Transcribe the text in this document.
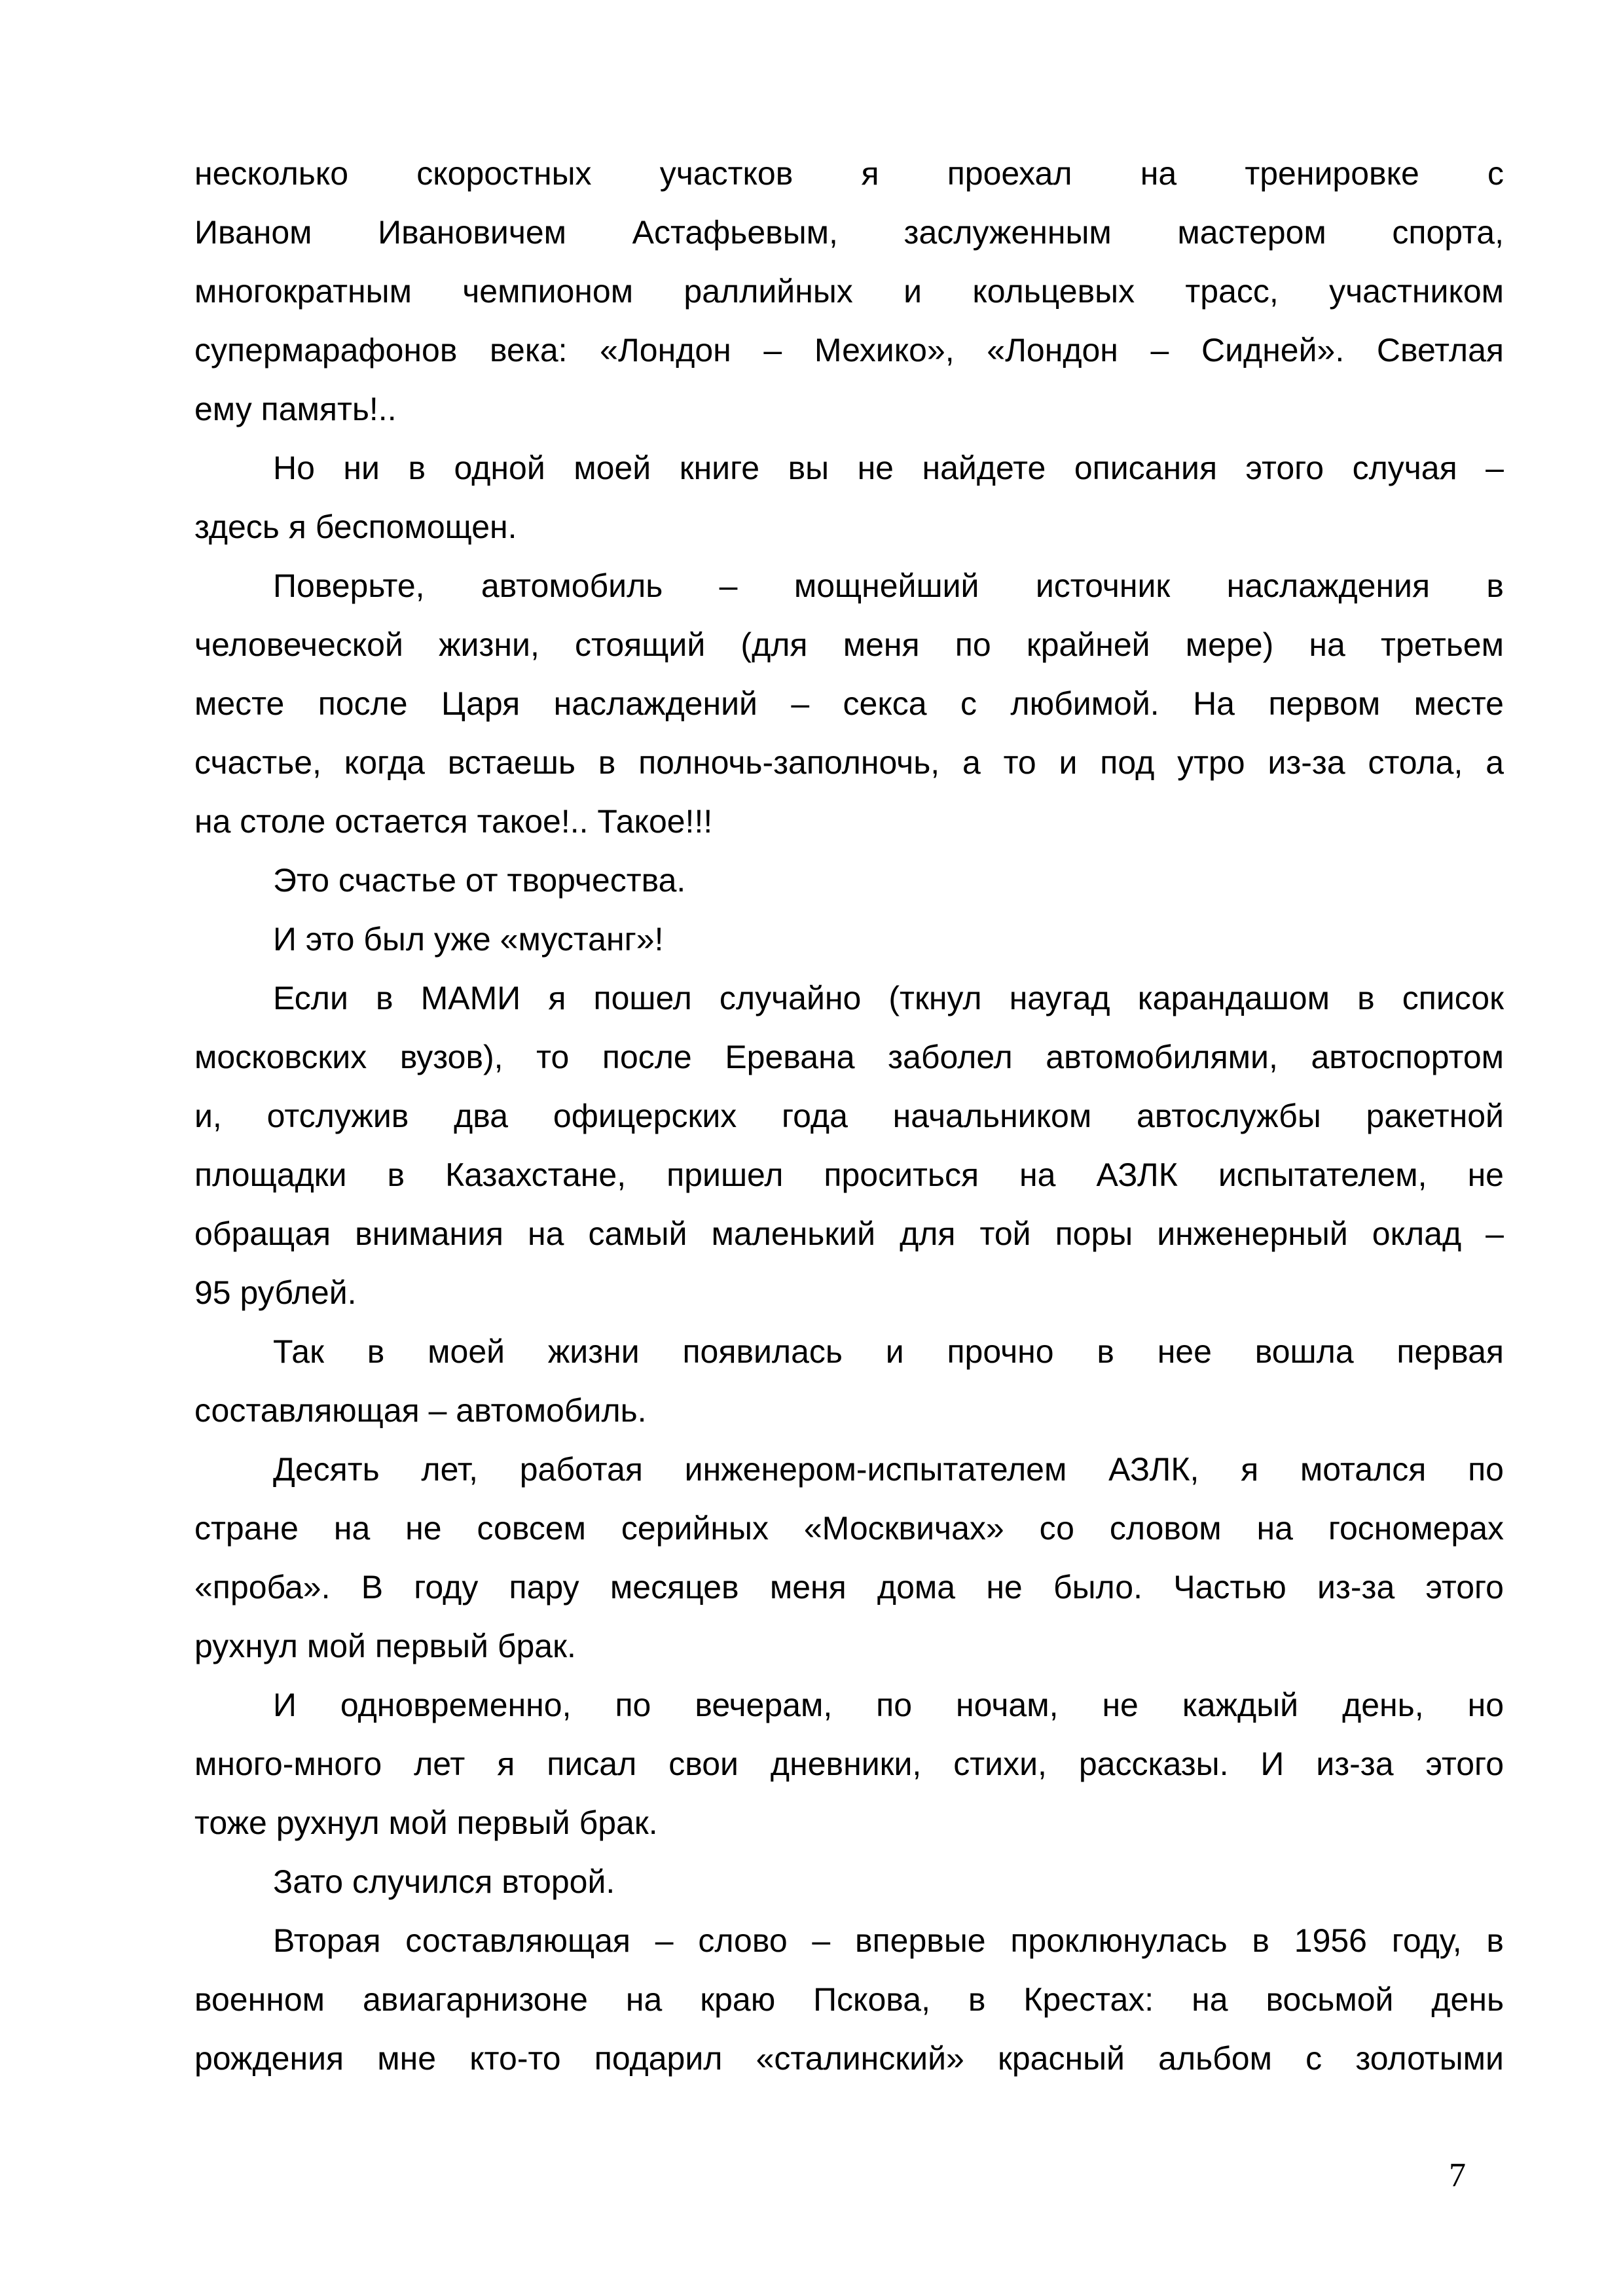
несколько скоростных участков я проехал на тренировке с
Иваном Ивановичем Астафьевым, заслуженным мастером спорта,
многократным чемпионом раллийных и кольцевых трасс, участником
супермарафонов века: «Лондон – Мехико», «Лондон – Сидней». Светлая
ему память!..

Но ни в одной моей книге вы не найдете описания этого случая –
здесь я беспомощен.

Поверьте, автомобиль – мощнейший источник наслаждения в
человеческой жизни, стоящий (для меня по крайней мере) на третьем
месте после Царя наслаждений – секса с любимой. На первом месте
счастье, когда встаешь в полночь-заполночь, а то и под утро из-за стола, а
на столе остается такое!.. Такое!!!

Это счастье от творчества.

И это был уже «мустанг»!

Если в МАМИ я пошел случайно (ткнул наугад карандашом в список
московских вузов), то после Еревана заболел автомобилями, автоспортом
и, отслужив два офицерских года начальником автослужбы ракетной
площадки в Казахстане, пришел проситься на АЗЛК испытателем, не
обращая внимания на самый маленький для той поры инженерный оклад –
95 рублей.

Так в моей жизни появилась и прочно в нее вошла первая
составляющая – автомобиль.

Десять лет, работая инженером-испытателем АЗЛК, я мотался по
стране на не совсем серийных «Москвичах» со словом на госномерах
«проба». В году пару месяцев меня дома не было. Частью из-за этого
рухнул мой первый брак.

И одновременно, по вечерам, по ночам, не каждый день, но
много-много лет я писал свои дневники, стихи, рассказы. И из-за этого
тоже рухнул мой первый брак.

Зато случился второй.

Вторая составляющая – слово – впервые проклюнулась в 1956 году, в
военном авиагарнизоне на краю Пскова, в Крестах: на восьмой день
рождения мне кто-то подарил «сталинский» красный альбом с золотыми

7
